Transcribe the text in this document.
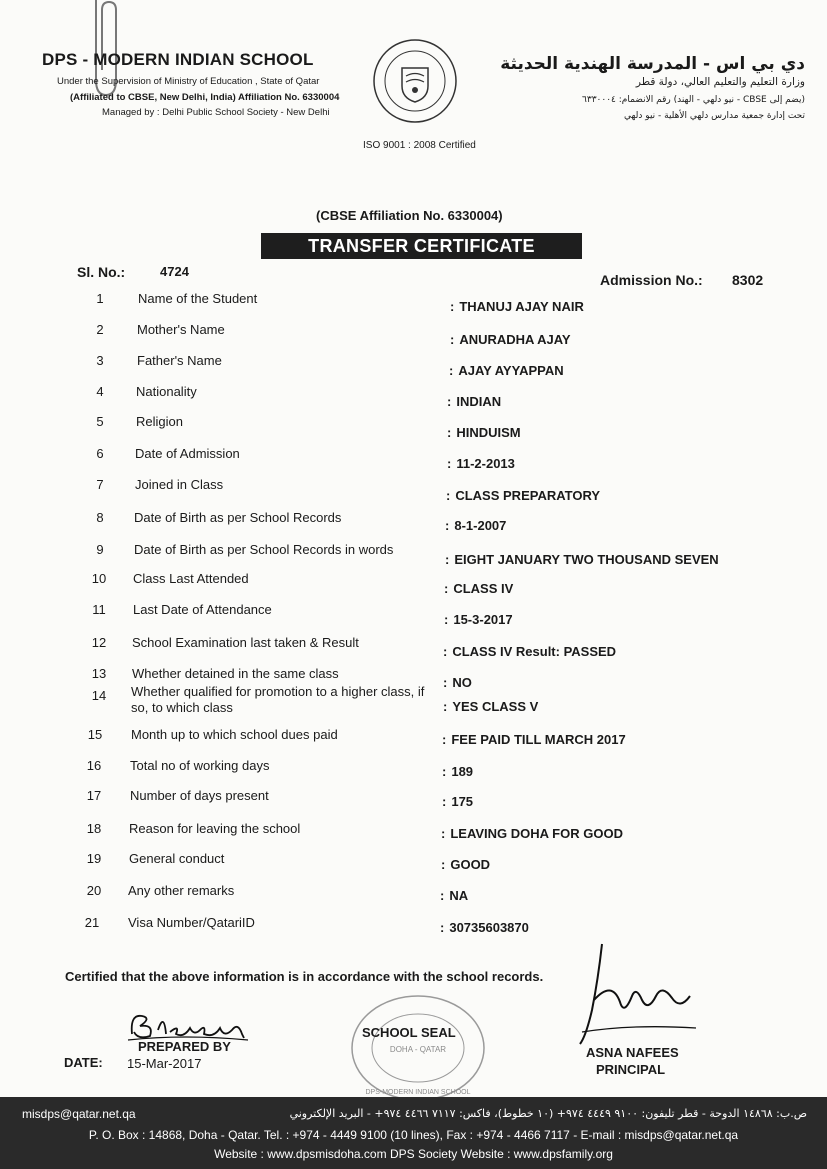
DPS - MODERN INDIAN SCHOOL
Under the Supervision of Ministry of Education , State of Qatar
(Affiliated to CBSE, New Delhi, India) Affiliation No. 6330004
Managed by : Delhi Public School Society - New Delhi
دي بي اس - المدرسة الهندية الحديثة
وزارة التعليم والتعليم العالي، دولة قطر
(يضم إلى CBSE - نيو دلهي - الهند) رقم الانضمام: ٦٣٣٠٠٠٤
تحت إدارة جمعية مدارس دلهي الأهلية - نيو دلهي
ISO 9001 : 2008 Certified
(CBSE Affiliation No. 6330004)
TRANSFER CERTIFICATE
Sl. No.:	4724
Admission No.: 8302
1	Name of the Student
: THANUJ AJAY NAIR
2	Mother's Name
: ANURADHA AJAY
3	Father's Name
: AJAY AYYAPPAN
4	Nationality
: INDIAN
5	Religion
: HINDUISM
6	Date of Admission
: 11-2-2013
7	Joined in Class
: CLASS PREPARATORY
8	Date of Birth as per School Records
: 8-1-2007
9	Date of Birth as per School Records in words
: EIGHT JANUARY TWO THOUSAND SEVEN
10	Class Last Attended
: CLASS IV
11	Last Date of Attendance
: 15-3-2017
12	School Examination last taken & Result
: CLASS IV Result: PASSED
13	Whether detained in the same class
: NO
14	Whether qualified for promotion to a higher class, if so, to which class	: YES CLASS V
15	Month up to which school dues paid	: FEE PAID TILL MARCH 2017
16	Total no of working days	: 189
17	Number of days present	: 175
18	Reason for leaving the school	: LEAVING DOHA FOR GOOD
19	General conduct	: GOOD
20	Any other remarks	: NA
21	Visa Number/QatariID	: 30735603870
Certified that the above information is in accordance with the school records.
PREPARED BY
DATE: 15-Mar-2017
DOHA - QATAR
DPS-MODERN INDIAN SCHOOL
SCHOOL SEAL
ASNA NAFEES
PRINCIPAL
misdps@qatar.net.qa	ص.ب: ١٤٨٦٨ الدوحة - قطر تليفون: ٩١٠٠ ٤٤٤٩ ٩٧٤+ (١٠ خطوط)، فاكس: ٧١١٧ ٤٤٦٦ ٩٧٤+ - البريد الإلكتروني
P. O. Box : 14868, Doha - Qatar. Tel. : +974 - 4449 9100 (10 lines), Fax : +974 - 4466 7117 - E-mail : misdps@qatar.net.qa
Website : www.dpsmisdoha.com DPS Society Website : www.dpsfamily.org
